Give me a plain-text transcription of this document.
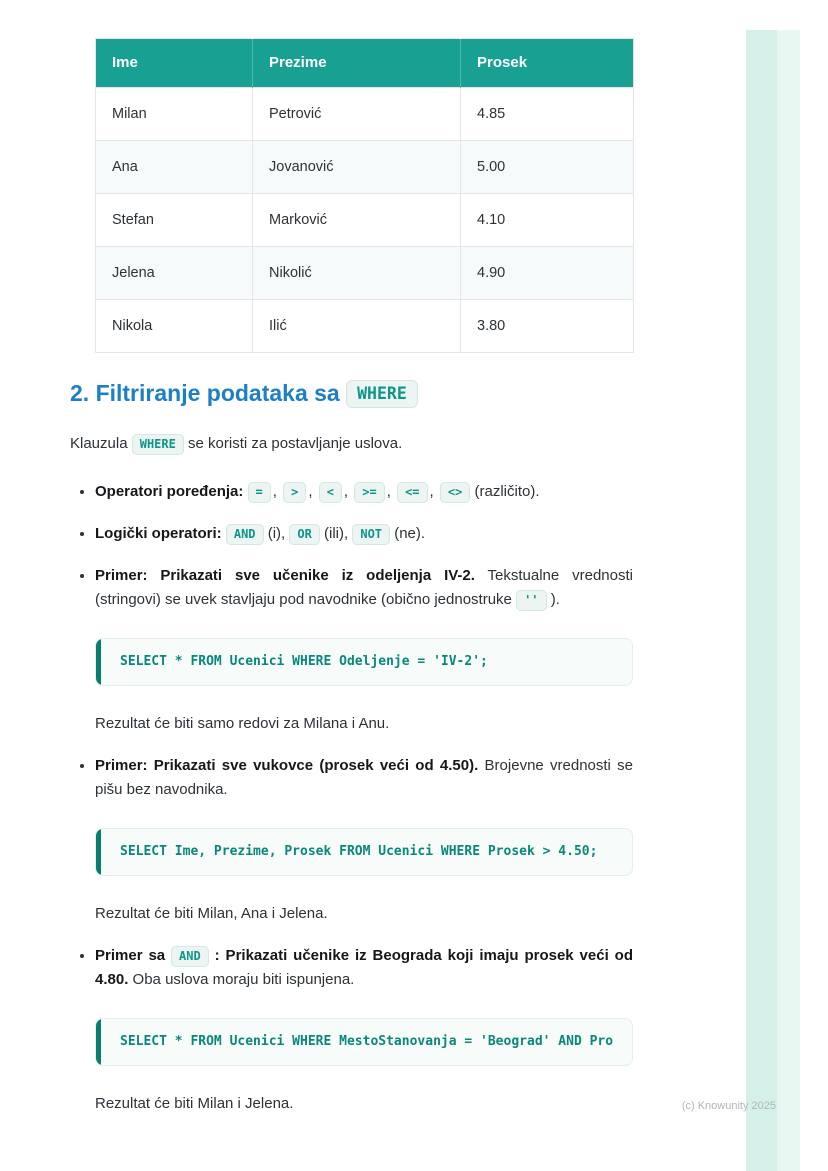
Ime	Prezime	Prosek
Milan	Petrović	4.85
Ana	Jovanović	5.00
Stefan	Marković	4.10
Jelena	Nikolić	4.90
Nikola	Ilić	3.80
2. Filtriranje podataka sa WHERE

Klauzula WHERE se koristi za postavljanje uslova.

• Operatori poređenja: = , > , < , >= , <= , <> (različito).
• Logički operatori: AND (i), OR (ili), NOT (ne).
• Primer: Prikazati sve učenike iz odeljenja IV-2. Tekstualne vrednosti (stringovi) se uvek stavljaju pod navodnike (obično jednostruke '' ).
SELECT * FROM Ucenici WHERE Odeljenje = 'IV-2';

Rezultat će biti samo redovi za Milana i Anu.

• Primer: Prikazati sve vukovce (prosek veći od 4.50). Brojevne vrednosti se pišu bez navodnika.
SELECT Ime, Prezime, Prosek FROM Ucenici WHERE Prosek > 4.50;

Rezultat će biti Milan, Ana i Jelena.

• Primer sa AND : Prikazati učenike iz Beograda koji imaju prosek veći od 4.80. Oba uslova moraju biti ispunjena.
SELECT * FROM Ucenici WHERE MestoStanovanja = 'Beograd' AND Pro

Rezultat će biti Milan i Jelena.	(c) Knowunity 2025
